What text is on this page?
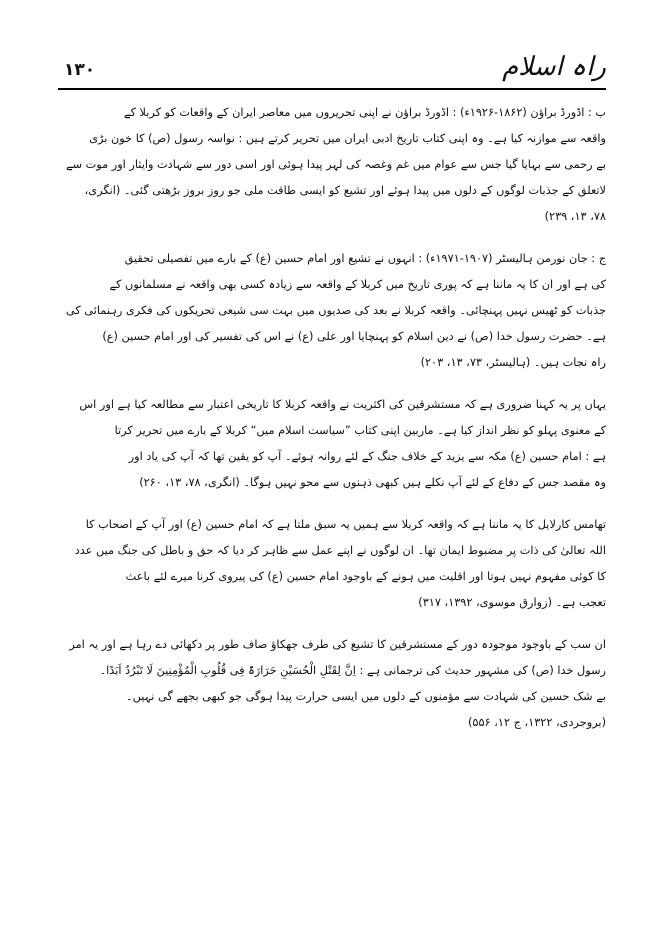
راہ اسلام
۱۳۰
ب : اڈورڈ براؤن (۱۸۶۲-۱۹۲۶ء) : اڈورڈ براؤن نے اپنی تحریروں میں معاصر ایران کے واقعات کو کربلا کے
واقعہ سے موازنہ کیا ہے۔ وہ اپنی کتاب تاریخ ادبی ایران میں تحریر کرتے ہیں : نواسہ رسول (ص) کا خون بڑی
بے رحمی سے بہایا گیا جس سے عوام میں غم وغصہ کی لہر پیدا ہوئی اور اسی دور سے شہادت وایثار اور موت سے
لاتعلق کے جذبات لوگوں کے دلوں میں پیدا ہوئے اور تشیع کو ایسی طاقت ملی جو روز بروز بڑھتی گئی۔ (انگری،
۷۸، ۱۳، ۲۳۹)
ج : جان نورمن ہالیسٹر (۱۹۰۷-۱۹۷۱ء) : انہوں نے تشیع اور امام حسین (ع) کے بارے میں تفصیلی تحقیق
کی ہے اور ان کا یہ ماننا ہے کہ پوری تاریخ میں کربلا کے واقعہ سے زیادہ کسی بھی واقعہ نے مسلمانوں کے
جذبات کو ٹھیس نہیں پہنچائی۔ واقعہ کربلا نے بعد کی صدیوں میں بہت سی شیعی تحریکوں کی فکری رہنمائی کی
ہے۔ حضرت رسول خدا (ص) نے دین اسلام کو پہنچایا اور علی (ع) نے اس کی تفسیر کی اور امام حسین (ع)
راہ نجات ہیں۔ (ہالیسٹر، ۷۳، ۱۳، ۲۰۳)
یہاں پر یہ کہنا ضروری ہے کہ مستشرقین کی اکثریت نے واقعہ کربلا کا تاریخی اعتبار سے مطالعہ کیا ہے اور اس
کے معنوی پہلو کو نظر انداز کیا ہے۔ ماربین اپنی کتاب ”سیاست اسلام میں“ کربلا کے بارے میں تحریر کرتا
ہے : امام حسین (ع) مکہ سے یزید کے خلاف جنگ کے لئے روانہ ہوئے۔ آپ کو یقین تھا کہ آپ کی یاد اور
وہ مقصد جس کے دفاع کے لئے آپ نکلے ہیں کبھی ذہنوں سے محو نہیں ہوگا۔ (انگری، ۷۸، ۱۳، ۲۶۰)
تھامس کارلایل کا یہ ماننا ہے کہ واقعہ کربلا سے ہمیں یہ سبق ملتا ہے کہ امام حسین (ع) اور آپ کے اصحاب کا
اللہ تعالیٰ کی ذات پر مضبوط ایمان تھا۔ ان لوگوں نے اپنے عمل سے ظاہر کر دیا کہ حق و باطل کی جنگ میں عدد
کا کوئی مفہوم نہیں ہوتا اور اقلیت میں ہونے کے باوجود امام حسین (ع) کی پیروی کرنا میرے لئے باعث
تعجب ہے۔ (زوارق موسوی، ۱۳۹۲، ۳۱۷)
ان سب کے باوجود موجودہ دور کے مستشرقین کا تشیع کی طرف جھکاؤ صاف طور پر دکھائی دے رہا ہے اور یہ امر
رسول خدا (ص) کی مشہور حدیث کی ترجمانی ہے : اِنَّ لِقَتْلِ الْحُسَیْنِ حَرَارَۃً فِی قُلُوبِ الْمُؤْمِنِینَ لَا تَبْرُدُ اَبَدًا۔
بے شک حسین کی شہادت سے مؤمنوں کے دلوں میں ایسی حرارت پیدا ہوگی جو کبھی بجھے گی نہیں۔
(بروجردی، ۱۳۲۲، ج ۱۲، ۵۵۶)
